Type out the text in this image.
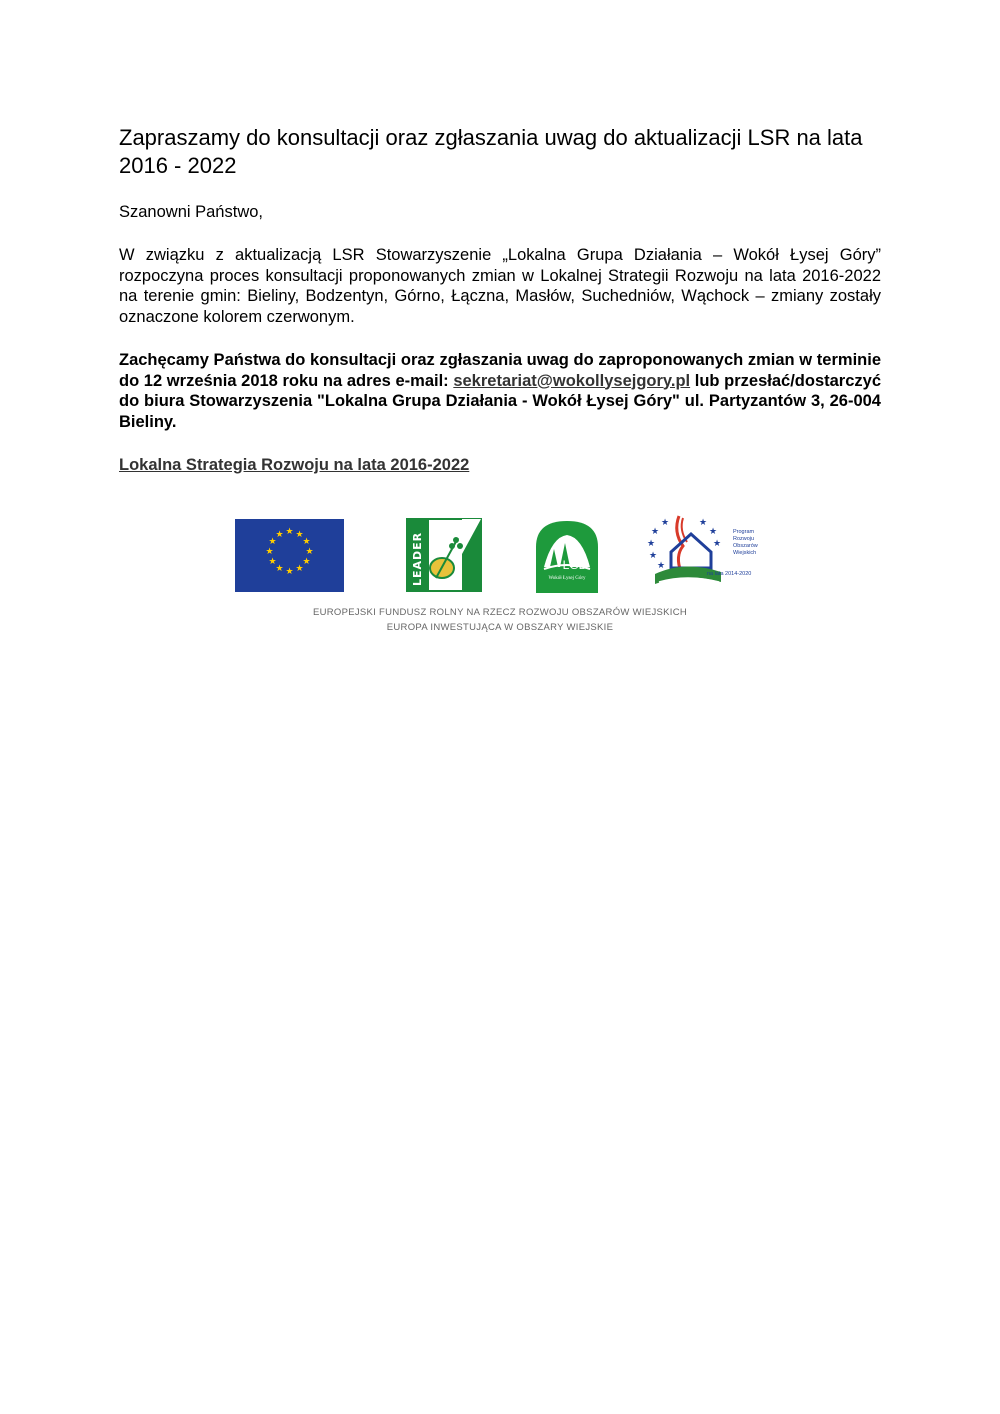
Zapraszamy do konsultacji oraz zgłaszania uwag do aktualizacji LSR na lata 2016 - 2022
Szanowni Państwo,
W związku z aktualizacją LSR Stowarzyszenie „Lokalna Grupa Działania – Wokół Łysej Góry” rozpoczyna proces konsultacji proponowanych zmian w Lokalnej Strategii Rozwoju na lata 2016-2022 na terenie gmin: Bieliny, Bodzentyn, Górno, Łączna, Masłów, Suchedniów, Wąchock – zmiany zostały oznaczone kolorem czerwonym.
Zachęcamy Państwa do konsultacji oraz zgłaszania uwag do zaproponowanych zmian w terminie do 12 września 2018 roku na adres e-mail: sekretariat@wokollysejgory.pl lub przesłać/dostarczyć do biura Stowarzyszenia "Lokalna Grupa Działania - Wokół Łysej Góry" ul. Partyzantów 3, 26-004 Bieliny.
Lokalna Strategia Rozwoju na lata 2016-2022
★ ★
★
★
★
★
★
★
★
★
★
★	LEADER	LGD
Wokół Łysej Góry
★
★
★	★
★
★
★
★
Program
Rozwoju
Obszarów
Wiejskich
na lata 2014-2020
EUROPEJSKI FUNDUSZ ROLNY NA RZECZ ROZWOJU OBSZARÓW WIEJSKICH
EUROPA INWESTUJĄCA W OBSZARY WIEJSKIE
